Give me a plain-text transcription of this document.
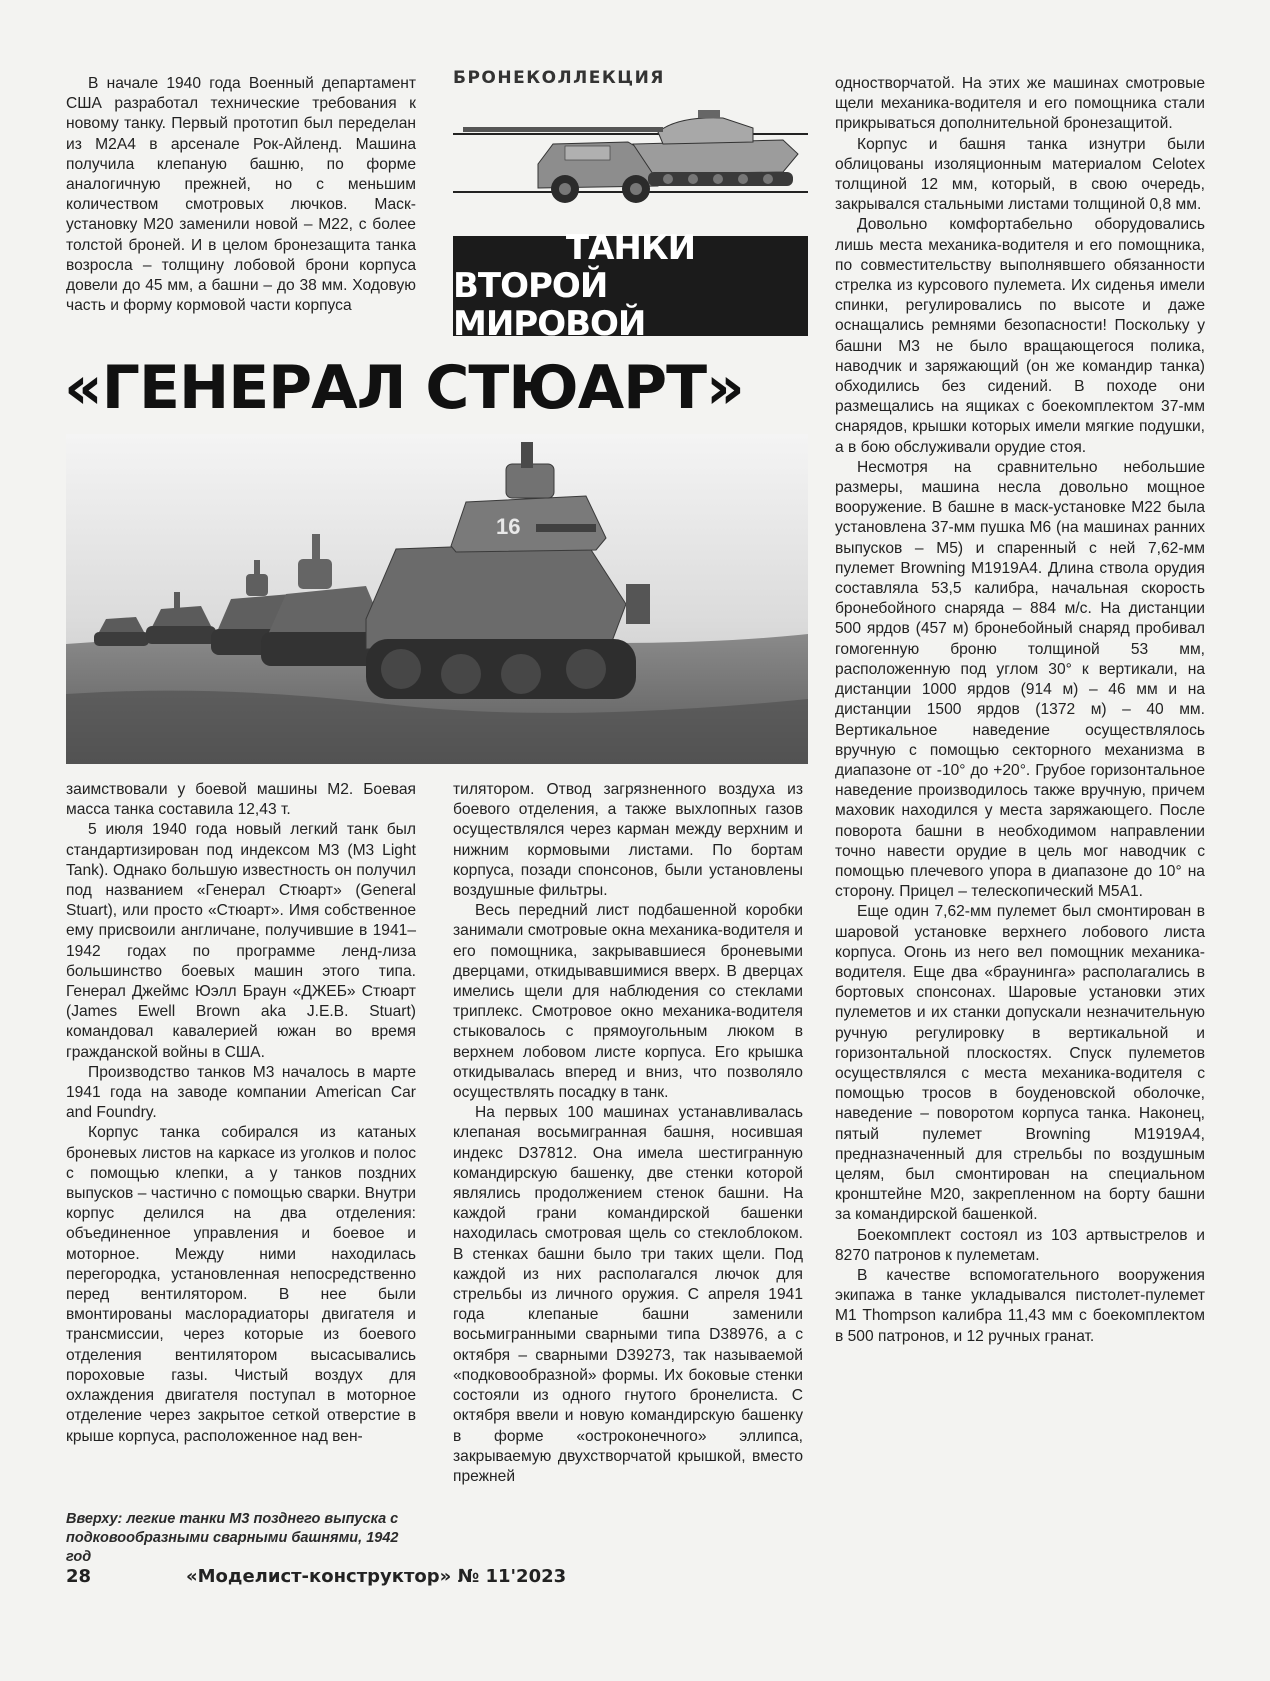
В начале 1940 года Военный департамент США разработал технические требования к новому танку. Первый прототип был переделан из М2А4 в арсенале Рок-Айленд. Машина получила клепаную башню, по форме аналогичную прежней, но с меньшим количеством смотровых лючков. Маск-установку М20 заменили новой – М22, с более толстой броней. И в целом бронезащита танка возросла – толщину лобовой брони корпуса довели до 45 мм, а башни – до 38 мм. Ходовую часть и форму кормовой части корпуса

БРОНЕКОЛЛЕКЦИЯ
ТАНКИ
ВТОРОЙ МИРОВОЙ
«ГЕНЕРАЛ СТЮАРТ»
16

заимствовали у боевой машины М2. Боевая масса танка составила 12,43 т.

5 июля 1940 года новый легкий танк был стандартизирован под индексом М3 (М3 Light Tank). Однако большую известность он получил под названием «Генерал Стюарт» (General Stuart), или просто «Стюарт». Имя собственное ему присвоили англичане, получившие в 1941–1942 годах по программе ленд-лиза большинство боевых машин этого типа. Генерал Джеймс Юэлл Браун «ДЖЕБ» Стюарт (James Ewell Brown aka J.E.B. Stuart) командовал кавалерией южан во время гражданской войны в США.

Производство танков М3 началось в марте 1941 года на заводе компании American Car and Foundry.

Корпус танка собирался из катаных броневых листов на каркасе из уголков и полос с помощью клепки, а у танков поздних выпусков – частично с помощью сварки. Внутри корпус делился на два отделения: объединенное управления и боевое и моторное. Между ними находилась перегородка, установленная непосредственно перед вентилятором. В нее были вмонтированы маслорадиаторы двигателя и трансмиссии, через которые из боевого отделения вентилятором высасывались пороховые газы. Чистый воздух для охлаждения двигателя поступал в моторное отделение через закрытое сеткой отверстие в крыше корпуса, расположенное над вен-

тилятором. Отвод загрязненного воздуха из боевого отделения, а также выхлопных газов осуществлялся через карман между верхним и нижним кормовыми листами. По бортам корпуса, позади спонсонов, были установлены воздушные фильтры.

Весь передний лист подбашенной коробки занимали смотровые окна механика-водителя и его помощника, закрывавшиеся броневыми дверцами, откидывавшимися вверх. В дверцах имелись щели для наблюдения со стеклами триплекс. Смотровое окно механика-водителя стыковалось с прямоугольным люком в верхнем лобовом листе корпуса. Его крышка откидывалась вперед и вниз, что позволяло осуществлять посадку в танк.

На первых 100 машинах устанавливалась клепаная восьмигранная башня, носившая индекс D37812. Она имела шестигранную командирскую башенку, две стенки которой являлись продолжением стенок башни. На каждой грани командирской башенки находилась смотровая щель со стеклоблоком. В стенках башни было три таких щели. Под каждой из них располагался лючок для стрельбы из личного оружия. С апреля 1941 года клепаные башни заменили восьмигранными сварными типа D38976, а с октября – сварными D39273, так называемой «подковообразной» формы. Их боковые стенки состояли из одного гнутого бронелиста. С октября ввели и новую командирскую башенку в форме «остроконечного» эллипса, закрываемую двухстворчатой крышкой, вместо прежней

одностворчатой. На этих же машинах смотровые щели механика-водителя и его помощника стали прикрываться дополнительной бронезащитой.

Корпус и башня танка изнутри были облицованы изоляционным материалом Celotex толщиной 12 мм, который, в свою очередь, закрывался стальными листами толщиной 0,8 мм.

Довольно комфортабельно оборудовались лишь места механика-водителя и его помощника, по совместительству выполнявшего обязанности стрелка из курсового пулемета. Их сиденья имели спинки, регулировались по высоте и даже оснащались ремнями безопасности! Поскольку у башни М3 не было вращающегося полика, наводчик и заряжающий (он же командир танка) обходились без сидений. В походе они размещались на ящиках с боекомплектом 37-мм снарядов, крышки которых имели мягкие подушки, а в бою обслуживали орудие стоя.

Несмотря на сравнительно небольшие размеры, машина несла довольно мощное вооружение. В башне в маск-установке М22 была установлена 37-мм пушка М6 (на машинах ранних выпусков – М5) и спаренный с ней 7,62-мм пулемет Browning М1919А4. Длина ствола орудия составляла 53,5 калибра, начальная скорость бронебойного снаряда – 884 м/с. На дистанции 500 ярдов (457 м) бронебойный снаряд пробивал гомогенную броню толщиной 53 мм, расположенную под углом 30° к вертикали, на дистанции 1000 ярдов (914 м) – 46 мм и на дистанции 1500 ярдов (1372 м) – 40 мм. Вертикальное наведение осуществлялось вручную с помощью секторного механизма в диапазоне от -10° до +20°. Грубое горизонтальное наведение производилось также вручную, причем маховик находился у места заряжающего. После поворота башни в необходимом направлении точно навести орудие в цель мог наводчик с помощью плечевого упора в диапазоне до 10° на сторону. Прицел – телескопический М5А1.

Еще один 7,62-мм пулемет был смонтирован в шаровой установке верхнего лобового листа корпуса. Огонь из него вел помощник механика-водителя. Еще два «браунинга» располагались в бортовых спонсонах. Шаровые установки этих пулеметов и их станки допускали незначительную ручную регулировку в вертикальной и горизонтальной плоскостях. Спуск пулеметов осуществлялся с места механика-водителя с помощью тросов в боуденовской оболочке, наведение – поворотом корпуса танка. Наконец, пятый пулемет Browning M1919A4, предназначенный для стрельбы по воздушным целям, был смонтирован на специальном кронштейне М20, закрепленном на борту башни за командирской башенкой.

Боекомплект состоял из 103 артвыстрелов и 8270 патронов к пулеметам.

В качестве вспомогательного вооружения экипажа в танке укладывался пистолет-пулемет M1 Thompson калибра 11,43 мм с боекомплектом в 500 патронов, и 12 ручных гранат.

Вверху: легкие танки М3 позднего выпуска с подковообразными сварными башнями, 1942 год
28	«Моделист-конструктор» № 11'2023
